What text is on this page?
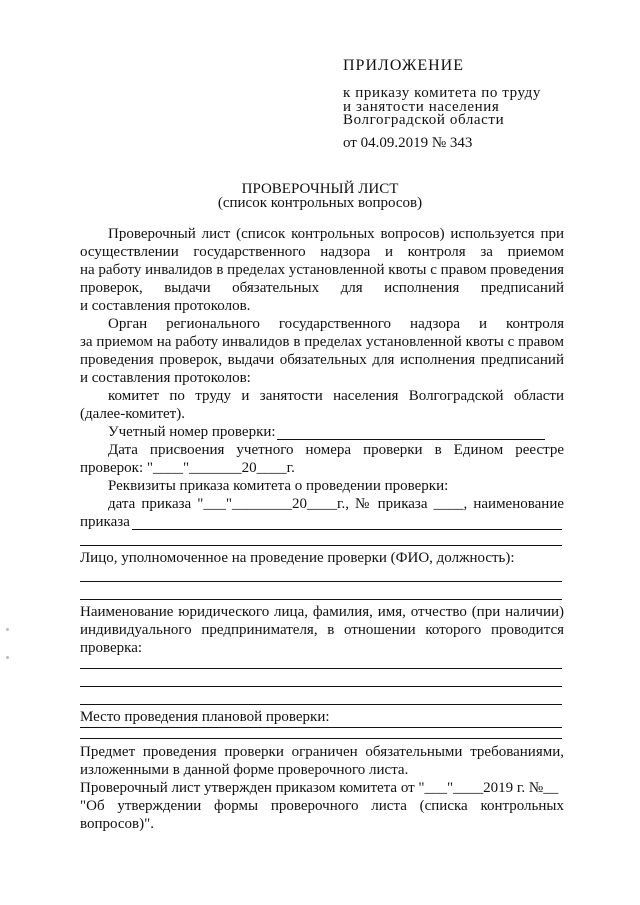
ПРИЛОЖЕНИЕ
к приказу комитета по труду
и занятости населения
Волгоградской области
от 04.09.2019 № 343
ПРОВЕРОЧНЫЙ ЛИСТ
(список контрольных вопросов)
Проверочный лист (список контрольных вопросов) используется при
осуществлении государственного надзора и контроля за приемом
на работу инвалидов в пределах установленной квоты с правом проведения
проверок, выдачи обязательных для исполнения предписаний
и составления протоколов.
Орган регионального государственного надзора и контроля
за приемом на работу инвалидов в пределах установленной квоты с правом
проведения проверок, выдачи обязательных для исполнения предписаний
и составления протоколов:
комитет по труду и занятости населения Волгоградской области
(далее-комитет).
Учетный номер проверки:
Дата присвоения учетного номера проверки в Едином реестре
проверок: "____"_______20____г.
Реквизиты приказа комитета о проведении проверки:
дата приказа "___"________20____г., № приказа ____, наименование
приказа
Лицо, уполномоченное на проведение проверки (ФИО, должность):
Наименование юридического лица, фамилия, имя, отчество (при наличии)
индивидуального предпринимателя, в отношении которого проводится
проверка:
Место проведения плановой проверки:
Предмет проведения проверки ограничен обязательными требованиями,
изложенными в данной форме проверочного листа.
Проверочный лист утвержден приказом комитета от "___"____2019 г. №__
"Об утверждении формы проверочного листа (списка контрольных
вопросов)".
